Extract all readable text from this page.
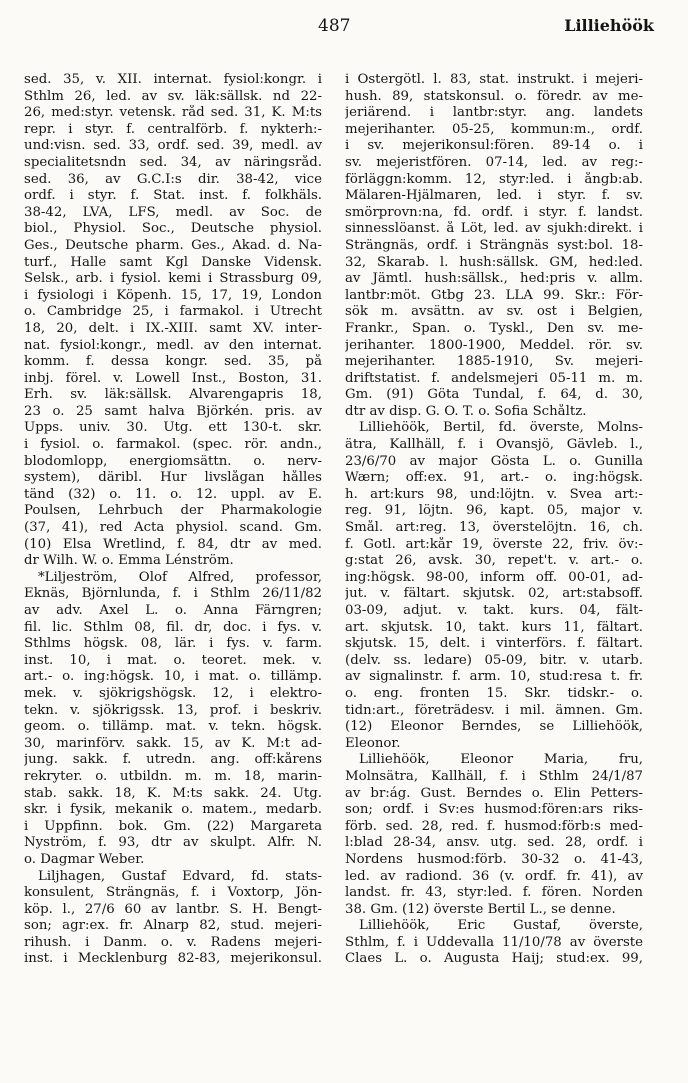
487	Lilliehöök
sed. 35, v. XII. internat. fysiol:kongr. i
Sthlm 26, led. av sv. läk:sällsk. nd 22-
26, med:styr. vetensk. råd sed. 31, K. M:ts
repr. i styr. f. centralförb. f. nykterh:-
und:visn. sed. 33, ordf. sed. 39, medl. av
specialitetsndn sed. 34, av näringsråd.
sed. 36, av G.C.I:s dir. 38-42, vice
ordf. i styr. f. Stat. inst. f. folkhäls.
38-42, LVA, LFS, medl. av Soc. de
biol., Physiol. Soc., Deutsche physiol.
Ges., Deutsche pharm. Ges., Akad. d. Na-
turf., Halle samt Kgl Danske Vidensk.
Selsk., arb. i fysiol. kemi i Strassburg 09,
i fysiologi i Köpenh. 15, 17, 19, London
o. Cambridge 25, i farmakol. i Utrecht
18, 20, delt. i IX.-XIII. samt XV. inter-
nat. fysiol:kongr., medl. av den internat.
komm. f. dessa kongr. sed. 35, på
inbj. förel. v. Lowell Inst., Boston, 31.
Erh. sv. läk:sällsk. Alvarengapris 18,
23 o. 25 samt halva Björkén. pris. av
Upps. univ. 30. Utg. ett 130-t. skr.
i fysiol. o. farmakol. (spec. rör. andn.,
blodomlopp, energiomsättn. o. nerv-
system), däribl. Hur livslågan hålles
tänd (32) o. 11. o. 12. uppl. av E.
Poulsen, Lehrbuch der Pharmakologie
(37, 41), red Acta physiol. scand. Gm.
(10) Elsa Wretlind, f. 84, dtr av med.
dr Wilh. W. o. Emma Lénström.
*Liljeström, Olof Alfred, professor,
Eknäs, Björnlunda, f. i Sthlm 26/11/82
av adv. Axel L. o. Anna Färngren;
fil. lic. Sthlm 08, fil. dr, doc. i fys. v.
Sthlms högsk. 08, lär. i fys. v. farm.
inst. 10, i mat. o. teoret. mek. v.
art.- o. ing:högsk. 10, i mat. o. tillämp.
mek. v. sjökrigshögsk. 12, i elektro-
tekn. v. sjökrigssk. 13, prof. i beskriv.
geom. o. tillämp. mat. v. tekn. högsk.
30, marinförv. sakk. 15, av K. M:t ad-
jung. sakk. f. utredn. ang. off:kårens
rekryter. o. utbildn. m. m. 18, marin-
stab. sakk. 18, K. M:ts sakk. 24. Utg.
skr. i fysik, mekanik o. matem., medarb.
i Uppfinn. bok. Gm. (22) Margareta
Nyström, f. 93, dtr av skulpt. Alfr. N.
o. Dagmar Weber.
Liljhagen, Gustaf Edvard, fd. stats-
konsulent, Strängnäs, f. i Voxtorp, Jön-
köp. l., 27/6 60 av lantbr. S. H. Bengt-
son; agr:ex. fr. Alnarp 82, stud. mejeri-
rihush. i Danm. o. v. Radens mejeri-
inst. i Mecklenburg 82-83, mejerikonsul.
i Östergötl. l. 83, stat. instrukt. i mejeri-
hush. 89, statskonsul. o. föredr. av me-
jeriärend. i lantbr:styr. ang. landets
mejerihanter. 05-25, kommun:m., ordf.
i sv. mejerikonsul:fören. 89-14 o. i
sv. mejeristfören. 07-14, led. av reg:-
förläggn:komm. 12, styr:led. i ångb:ab.
Mälaren-Hjälmaren, led. i styr. f. sv.
smörprovn:na, fd. ordf. i styr. f. landst.
sinnesslöanst. å Löt, led. av sjukh:direkt. i
Strängnäs, ordf. i Strängnäs syst:bol. 18-
32, Skarab. l. hush:sällsk. GM, hed:led.
av Jämtl. hush:sällsk., hed:pris v. allm.
lantbr:möt. Gtbg 23. LLA 99. Skr.: För-
sök m. avsättn. av sv. ost i Belgien,
Frankr., Span. o. Tyskl., Den sv. me-
jerihanter. 1800-1900, Meddel. rör. sv.
mejerihanter. 1885-1910, Sv. mejeri-
driftstatist. f. andelsmejeri 05-11 m. m.
Gm. (91) Göta Tundal, f. 64, d. 30,
dtr av disp. G. O. T. o. Sofia Schåltz.
Lilliehöök, Bertil, fd. överste, Molns-
ätra, Kallhäll, f. i Ovansjö, Gävleb. l.,
23/6/70 av major Gösta L. o. Gunilla
Wærn; off:ex. 91, art.- o. ing:högsk.
h. art:kurs 98, und:löjtn. v. Svea art:-
reg. 91, löjtn. 96, kapt. 05, major v.
Smål. art:reg. 13, överstelöjtn. 16, ch.
f. Gotl. art:kår 19, överste 22, friv. öv:-
g:stat 26, avsk. 30, repet't. v. art.- o.
ing:högsk. 98-00, inform off. 00-01, ad-
jut. v. fältart. skjutsk. 02, art:stabsoff.
03-09, adjut. v. takt. kurs. 04, fält-
art. skjutsk. 10, takt. kurs 11, fältart.
skjutsk. 15, delt. i vinterförs. f. fältart.
(delv. ss. ledare) 05-09, bitr. v. utarb.
av signalinstr. f. arm. 10, stud:resa t. fr.
o. eng. fronten 15. Skr. tidskr.- o.
tidn:art., företrädesv. i mil. ämnen. Gm.
(12) Eleonor Berndes, se Lilliehöök,
Eleonor.
Lilliehöök, Eleonor Maria, fru,
Molnsätra, Kallhäll, f. i Sthlm 24/1/87
av br:ág. Gust. Berndes o. Elin Petters-
son; ordf. i Sv:es husmod:fören:ars riks-
förb. sed. 28, red. f. husmod:förb:s med-
l:blad 28-34, ansv. utg. sed. 28, ordf. i
Nordens husmod:förb. 30-32 o. 41-43,
led. av radiond. 36 (v. ordf. fr. 41), av
landst. fr. 43, styr:led. f. fören. Norden
38. Gm. (12) överste Bertil L., se denne.
Lilliehöök, Eric Gustaf, överste,
Sthlm, f. i Uddevalla 11/10/78 av överste
Claes L. o. Augusta Haij; stud:ex. 99,
